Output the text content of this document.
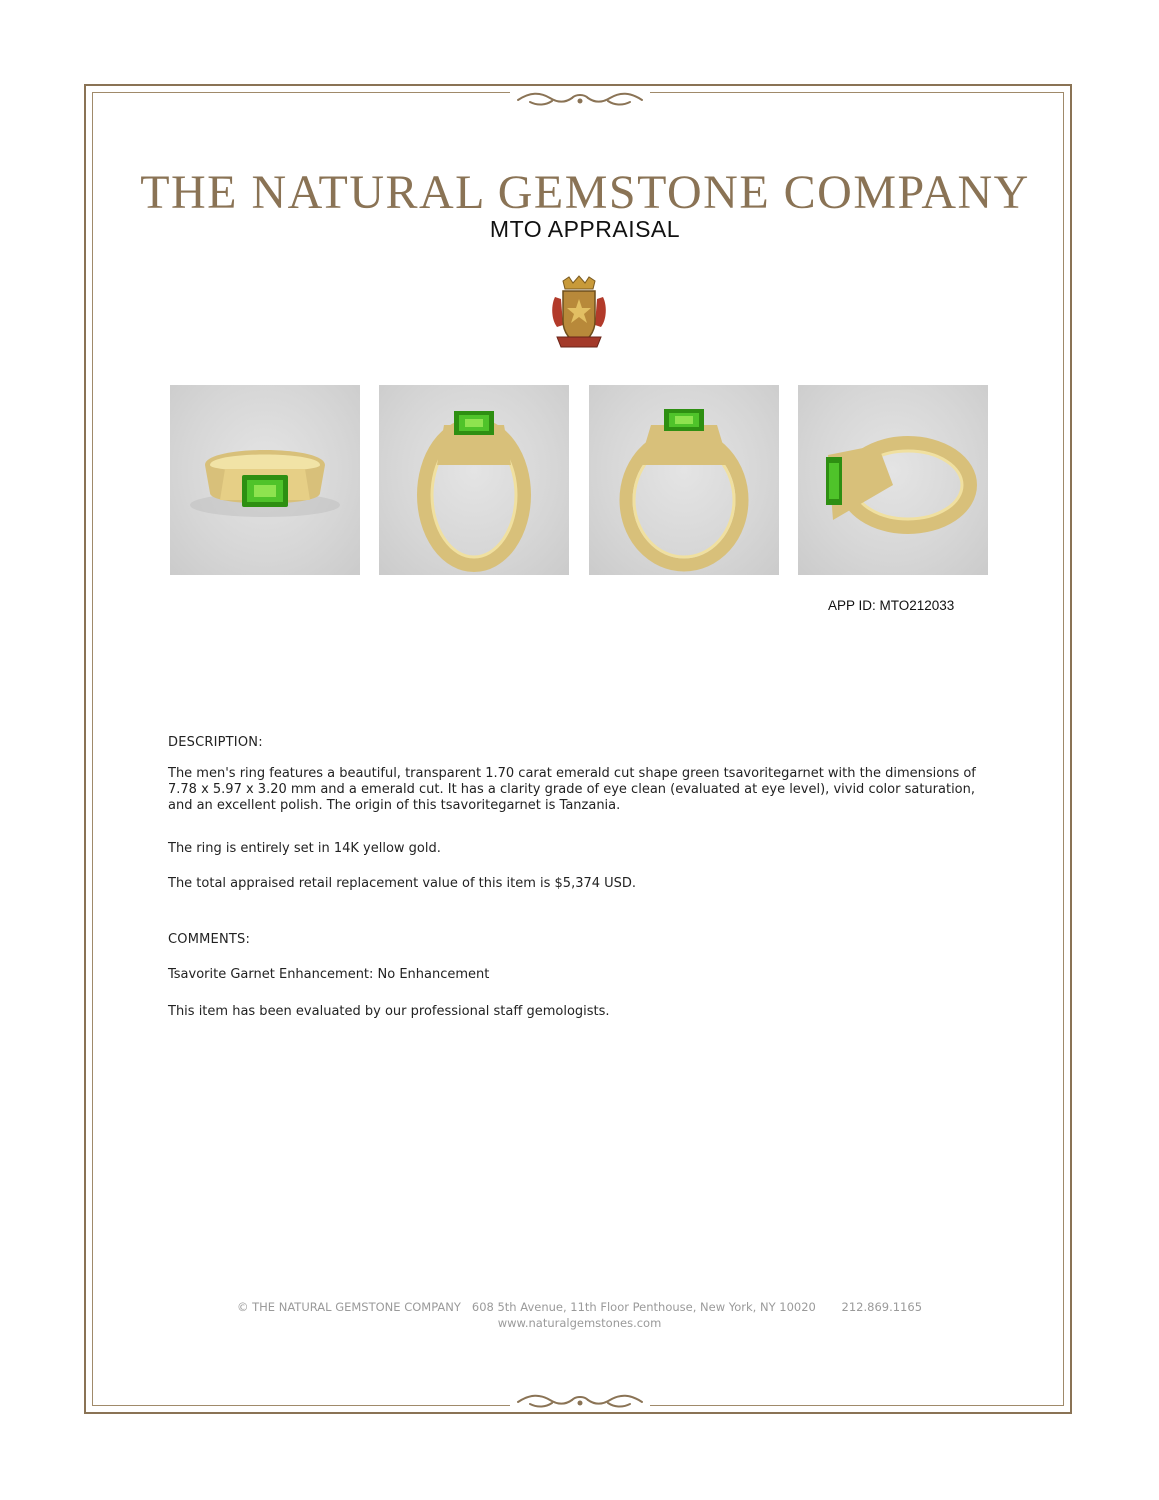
THE NATURAL GEMSTONE COMPANY
MTO APPRAISAL
APP ID: MTO212033

DESCRIPTION:

The men's ring features a beautiful, transparent 1.70 carat emerald cut shape green tsavoritegarnet with the dimensions of 7.78 x 5.97 x 3.20 mm and a emerald cut. It has a clarity grade of eye clean (evaluated at eye level), vivid color saturation, and an excellent polish. The origin of this tsavoritegarnet is Tanzania.

The ring is entirely set in 14K yellow gold.

The total appraised retail replacement value of this item is $5,374 USD.

COMMENTS:

Tsavorite Garnet Enhancement: No Enhancement

This item has been evaluated by our professional staff gemologists.

© THE NATURAL GEMSTONE COMPANY 608 5th Avenue, 11th Floor Penthouse, New York, NY 10020 212.869.1165
www.naturalgemstones.com
